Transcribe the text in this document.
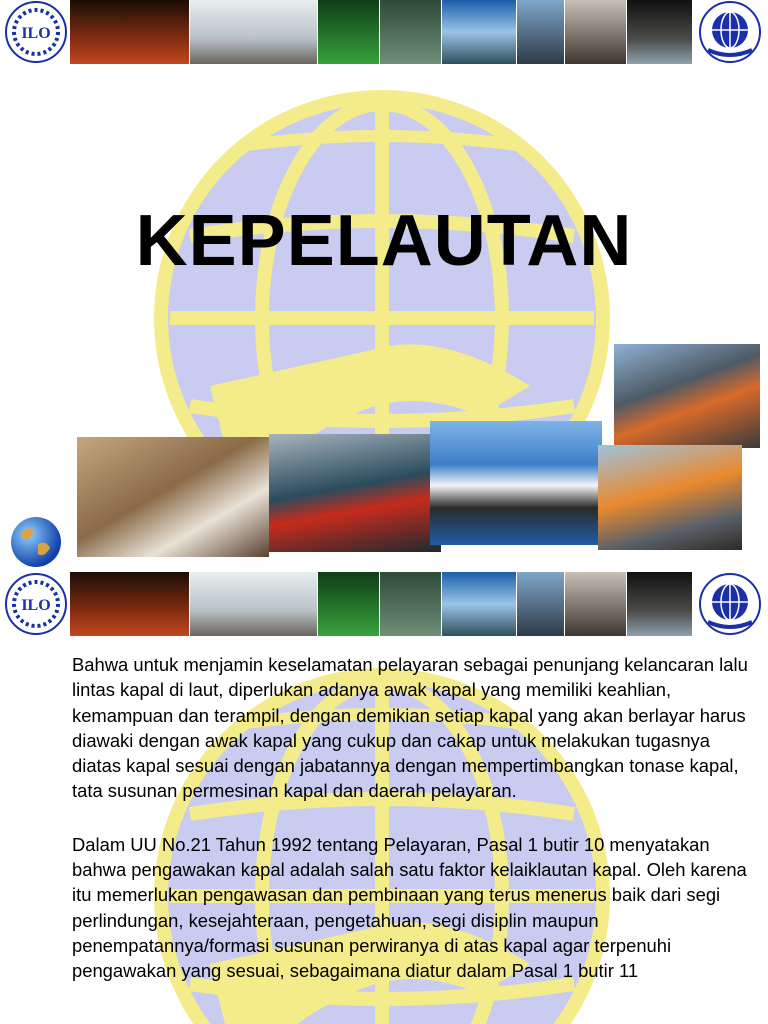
KEPELAUTAN

Bahwa untuk menjamin keselamatan pelayaran sebagai penunjang kelancaran lalu lintas kapal di laut, diperlukan adanya awak kapal yang memiliki keahlian, kemampuan dan terampil, dengan demikian setiap kapal yang akan berlayar harus diawaki dengan awak kapal yang cukup dan cakap untuk melakukan tugasnya diatas kapal sesuai dengan jabatannya dengan mempertimbangkan tonase kapal, tata susunan permesinan kapal dan daerah pelayaran.

Dalam UU No.21 Tahun 1992 tentang Pelayaran, Pasal 1 butir 10 menyatakan bahwa pengawakan kapal adalah salah satu faktor kelaiklautan kapal. Oleh karena itu memerlukan pengawasan dan pembinaan yang terus menerus baik dari segi perlindungan, kesejahteraan, pengetahuan, segi disiplin maupun penempatannya/formasi susunan perwiranya di atas kapal agar terpenuhi pengawakan yang sesuai, sebagaimana diatur dalam Pasal 1 butir 11
